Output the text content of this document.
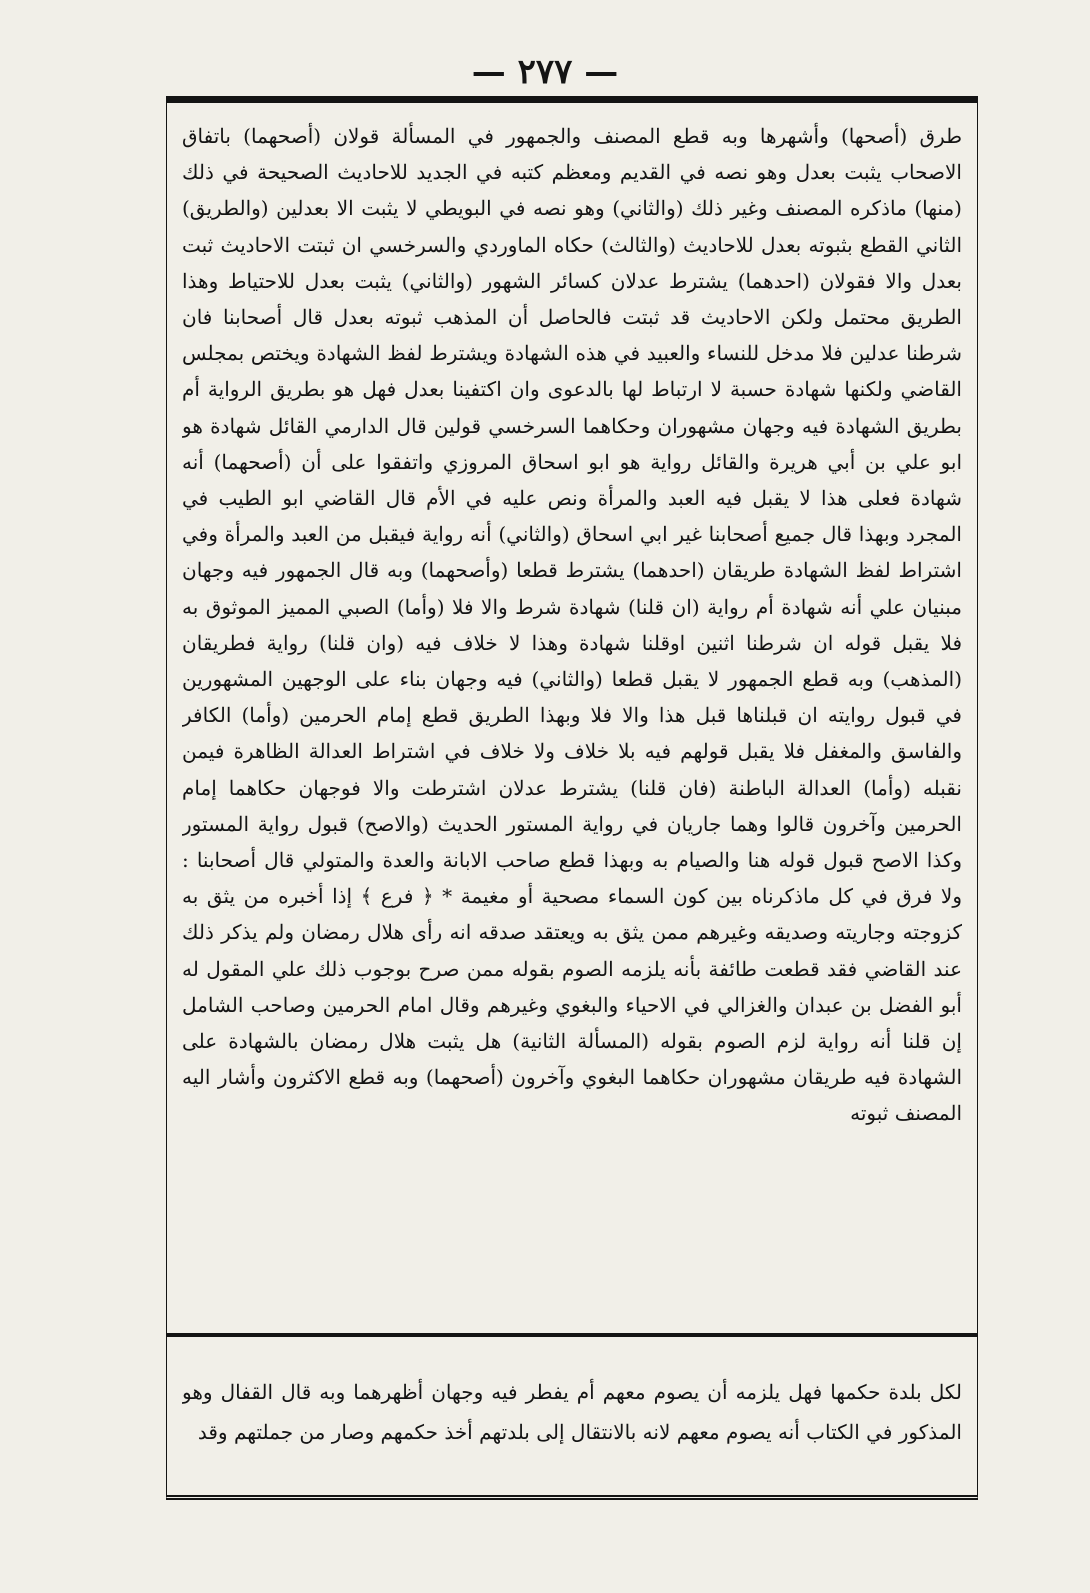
— ٢٧٧ —

طرق (أصحها) وأشهرها وبه قطع المصنف والجمهور في المسألة قولان (أصحهما) باتفاق الاصحاب يثبت بعدل وهو نصه في القديم ومعظم كتبه في الجديد للاحاديث الصحيحة في ذلك (منها) ماذكره المصنف وغير ذلك (والثاني) وهو نصه في البويطي لا يثبت الا بعدلين (والطريق) الثاني القطع بثبوته بعدل للاحاديث (والثالث) حكاه الماوردي والسرخسي ان ثبتت الاحاديث ثبت بعدل والا فقولان (احدهما) يشترط عدلان كسائر الشهور (والثاني) يثبت بعدل للاحتياط وهذا الطريق محتمل ولكن الاحاديث قد ثبتت فالحاصل أن المذهب ثبوته بعدل قال أصحابنا فان شرطنا عدلين فلا مدخل للنساء والعبيد في هذه الشهادة ويشترط لفظ الشهادة ويختص بمجلس القاضي ولكنها شهادة حسبة لا ارتباط لها بالدعوى وان اكتفينا بعدل فهل هو بطريق الرواية أم بطريق الشهادة فيه وجهان مشهوران وحكاهما السرخسي قولين قال الدارمي القائل شهادة هو ابو علي بن أبي هريرة والقائل رواية هو ابو اسحاق المروزي واتفقوا على أن (أصحهما) أنه شهادة فعلى هذا لا يقبل فيه العبد والمرأة ونص عليه في الأم قال القاضي ابو الطيب في المجرد وبهذا قال جميع أصحابنا غير ابي اسحاق (والثاني) أنه رواية فيقبل من العبد والمرأة وفي اشتراط لفظ الشهادة طريقان (احدهما) يشترط قطعا (وأصحهما) وبه قال الجمهور فيه وجهان مبنيان علي أنه شهادة أم رواية (ان قلنا) شهادة شرط والا فلا (وأما) الصبي المميز الموثوق به فلا يقبل قوله ان شرطنا اثنين اوقلنا شهادة وهذا لا خلاف فيه (وان قلنا) رواية فطريقان (المذهب) وبه قطع الجمهور لا يقبل قطعا (والثاني) فيه وجهان بناء على الوجهين المشهورين في قبول روايته ان قبلناها قبل هذا والا فلا وبهذا الطريق قطع إمام الحرمين (وأما) الكافر والفاسق والمغفل فلا يقبل قولهم فيه بلا خلاف ولا خلاف في اشتراط العدالة الظاهرة فيمن نقبله (وأما) العدالة الباطنة (فان قلنا) يشترط عدلان اشترطت والا فوجهان حكاهما إمام الحرمين وآخرون قالوا وهما جاريان في رواية المستور الحديث (والاصح) قبول رواية المستور وكذا الاصح قبول قوله هنا والصيام به وبهذا قطع صاحب الابانة والعدة والمتولي قال أصحابنا : ولا فرق في كل ماذكرناه بين كون السماء مصحية أو مغيمة * ﴿ فرع ﴾ إذا أخبره من يثق به كزوجته وجاريته وصديقه وغيرهم ممن يثق به ويعتقد صدقه انه رأى هلال رمضان ولم يذكر ذلك عند القاضي فقد قطعت طائفة بأنه يلزمه الصوم بقوله ممن صرح بوجوب ذلك علي المقول له أبو الفضل بن عبدان والغزالي في الاحياء والبغوي وغيرهم وقال امام الحرمين وصاحب الشامل إن قلنا أنه رواية لزم الصوم بقوله (المسألة الثانية) هل يثبت هلال رمضان بالشهادة على الشهادة فيه طريقان مشهوران حكاهما البغوي وآخرون (أصحهما) وبه قطع الاكثرون وأشار اليه المصنف ثبوته

لكل بلدة حكمها فهل يلزمه أن يصوم معهم أم يفطر فيه وجهان أظهرهما وبه قال القفال وهو المذكور في الكتاب أنه يصوم معهم لانه بالانتقال إلى بلدتهم أخذ حكمهم وصار من جملتهم وقد
